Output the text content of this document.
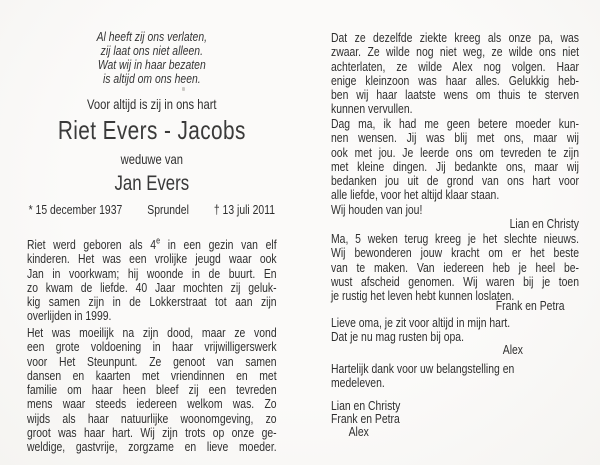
Al heeft zij ons verlaten,
zij laat ons niet alleen.
Wat wij in haar bezaten
is altijd om ons heen.
Voor altijd is zij in ons hart
Riet Evers - Jacobs
weduwe van
Jan Evers
* 15 december 1937 Sprundel † 13 juli 2011
Riet werd geboren als 4e in een gezin van elf
kinderen. Het was een vrolijke jeugd waar ook
Jan in voorkwam; hij woonde in de buurt. En
zo kwam de liefde. 40 Jaar mochten zij geluk-
kig samen zijn in de Lokkerstraat tot aan zijn
overlijden in 1999.
Het was moeilijk na zijn dood, maar ze vond
een grote voldoening in haar vrijwilligerswerk
voor Het Steunpunt. Ze genoot van samen
dansen en kaarten met vriendinnen en met
familie om haar heen bleef zij een tevreden
mens waar steeds iedereen welkom was. Zo
wijds als haar natuurlijke woonomgeving, zo
groot was haar hart. Wij zijn trots op onze ge-
weldige, gastvrije, zorgzame en lieve moeder.
Dat ze dezelfde ziekte kreeg als onze pa, was
zwaar. Ze wilde nog niet weg, ze wilde ons niet
achterlaten, ze wilde Alex nog volgen. Haar
enige kleinzoon was haar alles. Gelukkig heb-
ben wij haar laatste wens om thuis te sterven
kunnen vervullen.
Dag ma, ik had me geen betere moeder kun-
nen wensen. Jij was blij met ons, maar wij
ook met jou. Je leerde ons om tevreden te zijn
met kleine dingen. Jij bedankte ons, maar wij
bedanken jou uit de grond van ons hart voor
alle liefde, voor het altijd klaar staan.
Wij houden van jou!
Lian en Christy
Ma, 5 weken terug kreeg je het slechte nieuws.
Wij bewonderen jouw kracht om er het beste
van te maken. Van iedereen heb je heel be-
wust afscheid genomen. Wij waren bij je toen
je rustig het leven hebt kunnen loslaten.
Frank en Petra
Lieve oma, je zit voor altijd in mijn hart.
Dat je nu mag rusten bij opa.
Alex
Hartelijk dank voor uw belangstelling en
medeleven.
Lian en Christy
Frank en Petra
Alex
